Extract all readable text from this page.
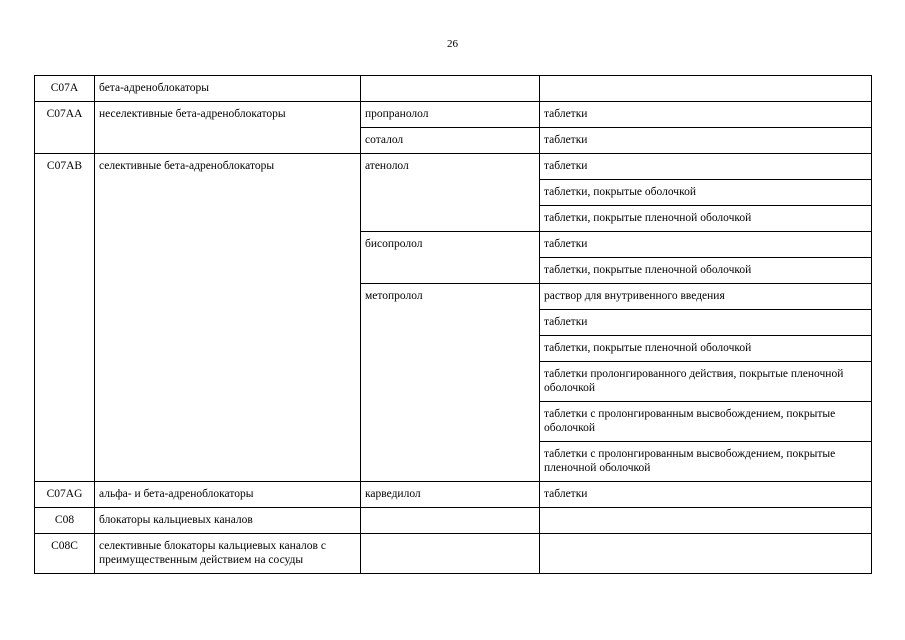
26
C07A	бета-адреноблокаторы		
C07AA	неселективные бета-адреноблокаторы	пропранолол	таблетки
		соталол	таблетки
C07AB	селективные бета-адреноблокаторы	атенолол	таблетки
			таблетки, покрытые оболочкой
			таблетки, покрытые пленочной оболочкой
		бисопролол	таблетки
			таблетки, покрытые пленочной оболочкой
		метопролол	раствор для внутривенного введения
			таблетки
			таблетки, покрытые пленочной оболочкой
			таблетки пролонгированного действия, покрытые пленочной оболочкой
			таблетки с пролонгированным высвобождением, покрытые оболочкой
			таблетки с пролонгированным высвобождением, покрытые пленочной оболочкой
C07AG	альфа- и бета-адреноблокаторы	карведилол	таблетки
C08	блокаторы кальциевых каналов		
C08C	селективные блокаторы кальциевых каналов с преимущественным действием на сосуды		
